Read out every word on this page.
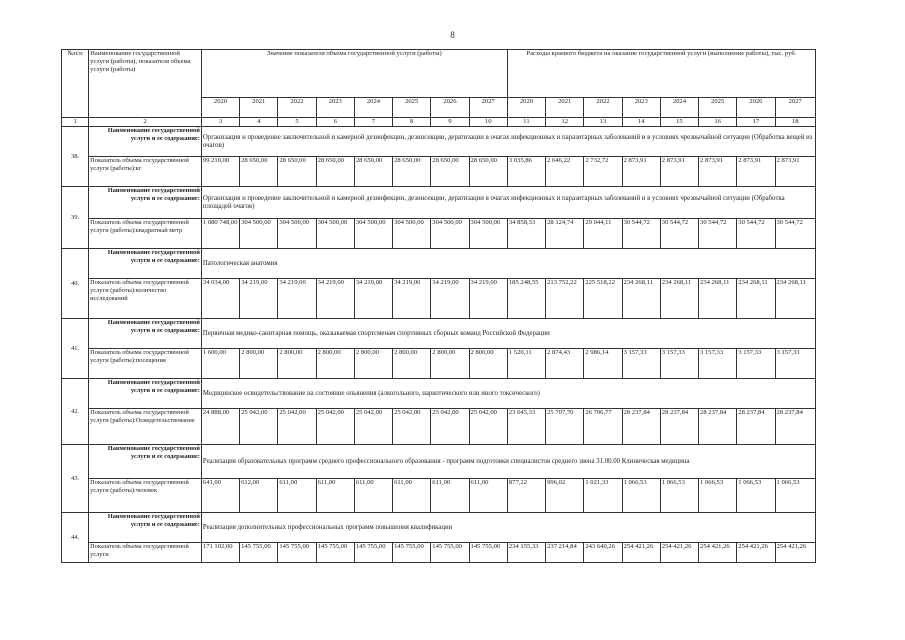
8
№п/п	Наименование государственной услуги (работы), показателя объема услуги (работы)	Значение показателя объема государственной услуги (работы)								Расходы краевого бюджета на оказание государственной услуги (выполнение работы), тыс. руб.							
		2020	2021	2022	2023	2024	2025	2026	2027	2020	2021	2022	2023	2024	2025	2026	2027
1	2	3	4	5	6	7	8	9	10	11	12	13	14	15	16	17	18
38.	Наименование государственной услуги и ее содержание:	Организация и проведение заключительной и камерной дезинфекции, дезинсекции, дератизации в очагах инфекционных и паразитарных заболеваний и в условиях чрезвычайной ситуации (Обработка вещей из очагов)															
	Показатель объема государственной услуги (работы):кг	99 210,00	28 650,00	28 650,00	28 650,00	28 650,00	28 650,00	28 650,00	28 650,00	3 035,86	2 646,22	2 732,72	2 873,91	2 873,91	2 873,91	2 873,91	2 873,91
39.	Наименование государственной услуги и ее содержание:	Организация и проведение заключительной и камерной дезинфекции, дезинсекции, дератизации в очагах инфекционных и паразитарных заболеваний и в условиях чрезвычайной ситуации (Обработка площадей очагов)															
	Показатель объема государственной услуги (работы):квадратный метр	1 080 748,00	304 500,00	304 500,00	304 500,00	304 500,00	304 500,00	304 500,00	304 500,00	34 858,33	28 124,74	29 044,11	30 544,72	30 544,72	30 544,72	30 544,72	30 544,72
40.	Наименование государственной услуги и ее содержание:	Патологическая анатомия															
	Показатель объема государственной услуги (работы):количество исследований	34 034,00	34 219,00	34 219,00	34 219,00	34 219,00	34 219,00	34 219,00	34 219,00	185 248,55	213 752,22	225 518,22	234 268,11	234 268,11	234 268,11	234 268,11	234 268,11
41.	Наименование государственной услуги и ее содержание:	Первичная медико-санитарная помощь, оказываемая спортсменам спортивных сборных команд Российской Федерации															
	Показатель объема государственной услуги (работы):посещения	1 600,00	2 800,00	2 800,00	2 800,00	2 800,00	2 800,00	2 800,00	2 800,00	1 520,11	2 874,43	2 986,14	3 157,33	3 157,33	3 157,33	3 157,33	3 157,33
42.	Наименование государственной услуги и ее содержание:	Медицинское освидетельствование на состояние опьянения (алкогольного, наркотического или иного токсического)															
	Показатель объема государственной услуги (работы):Освидетельствование	24 888,00	25 042,00	25 042,00	25 042,00	25 042,00	25 042,00	25 042,00	25 042,00	23 645,33	25 707,70	26 706,77	28 237,84	28 237,84	28 237,84	28 237,84	28 237,84
43.	Наименование государственной услуги и ее содержание:	Реализация образовательных программ среднего профессионального образования - программ подготовки специалистов среднего звена 31.00.00 Клиническая медицина															
	Показатель объема государственной услуги (работы):человек	641,00	612,00	611,00	611,00	611,00	611,00	611,00	611,00	877,22	996,02	1 021,33	1 066,53	1 066,53	1 066,53	1 066,53	1 066,53
44.	Наименование государственной услуги и ее содержание:	Реализация дополнительных профессиональных программ повышения квалификации															
	Показатель объема государственной услуги	171 102,00	145 755,00	145 755,00	145 755,00	145 755,00	145 755,00	145 755,00	145 755,00	234 155,33	237 214,84	243 640,26	254 421,26	254 421,26	254 421,26	254 421,26	254 421,26
